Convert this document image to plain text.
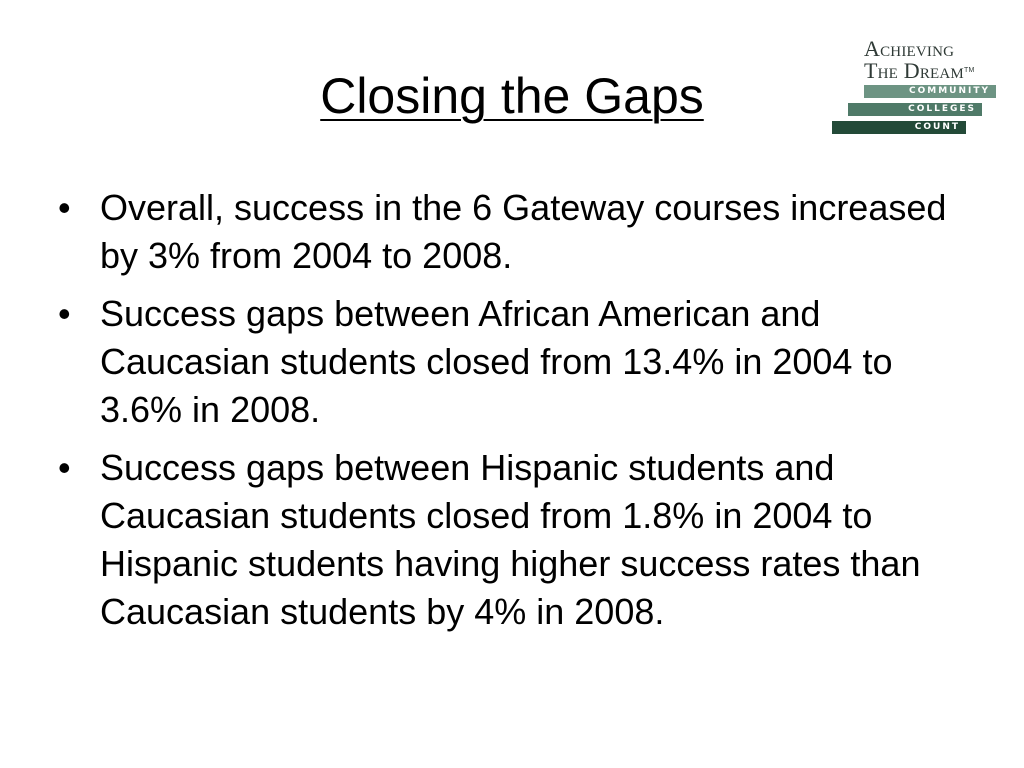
Closing the Gaps
Achieving
The Dream™
COMMUNITY
COLLEGES
COUNT
• Overall, success in the 6 Gateway courses increased by 3% from 2004 to 2008.
• Success gaps between African American and Caucasian students closed from 13.4% in 2004 to 3.6% in 2008.
• Success gaps between Hispanic students and Caucasian students closed from 1.8% in 2004 to Hispanic students having higher success rates than Caucasian students by 4% in 2008.
